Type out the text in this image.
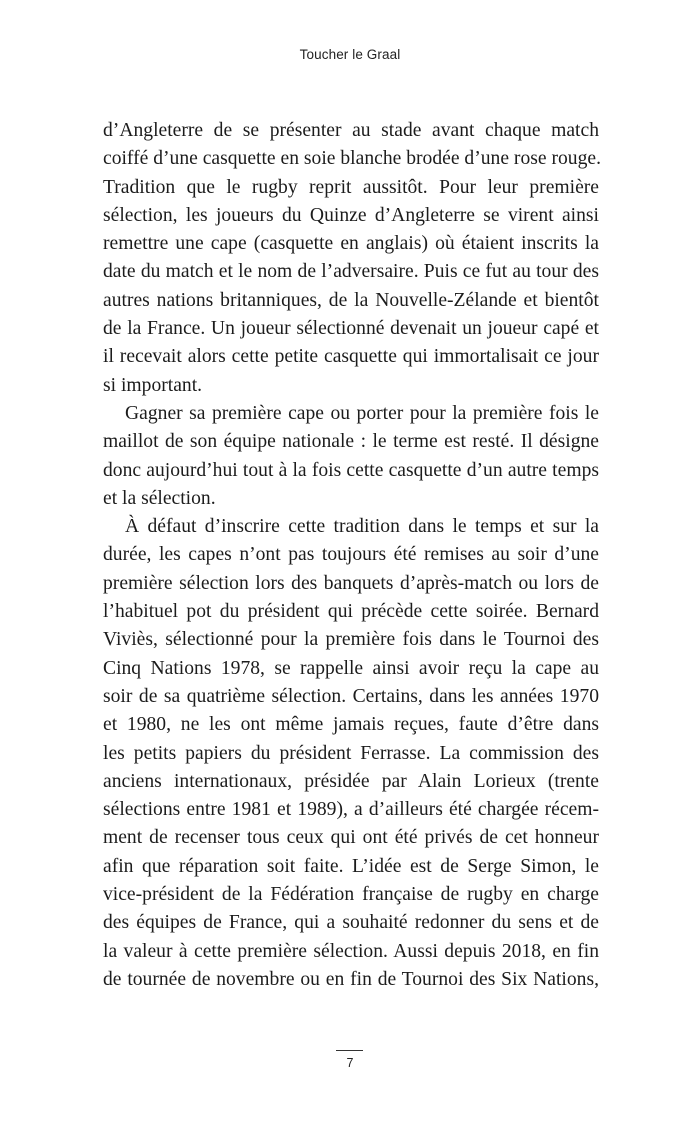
Toucher le Graal
d’Angleterre de se présenter au stade avant chaque match
coiffé d’une casquette en soie blanche brodée d’une rose rouge.
Tradition que le rugby reprit aussitôt. Pour leur première
sélection, les joueurs du Quinze d’Angleterre se virent ainsi
remettre une cape (casquette en anglais) où étaient inscrits la
date du match et le nom de l’adversaire. Puis ce fut au tour des
autres nations britanniques, de la Nouvelle-Zélande et bientôt
de la France. Un joueur sélectionné devenait un joueur capé et
il recevait alors cette petite casquette qui immortalisait ce jour
si important.
Gagner sa première cape ou porter pour la première fois le
maillot de son équipe nationale : le terme est resté. Il désigne
donc aujourd’hui tout à la fois cette casquette d’un autre temps
et la sélection.
À défaut d’inscrire cette tradition dans le temps et sur la
durée, les capes n’ont pas toujours été remises au soir d’une
première sélection lors des banquets d’après-match ou lors de
l’habituel pot du président qui précède cette soirée. Bernard
Viviès, sélectionné pour la première fois dans le Tournoi des
Cinq Nations 1978, se rappelle ainsi avoir reçu la cape au
soir de sa quatrième sélection. Certains, dans les années 1970
et 1980, ne les ont même jamais reçues, faute d’être dans
les petits papiers du président Ferrasse. La commission des
anciens internationaux, présidée par Alain Lorieux (trente
sélections entre 1981 et 1989), a d’ailleurs été chargée récem-
ment de recenser tous ceux qui ont été privés de cet honneur
afin que réparation soit faite. L’idée est de Serge Simon, le
vice-président de la Fédération française de rugby en charge
des équipes de France, qui a souhaité redonner du sens et de
la valeur à cette première sélection. Aussi depuis 2018, en fin
de tournée de novembre ou en fin de Tournoi des Six Nations,
7
